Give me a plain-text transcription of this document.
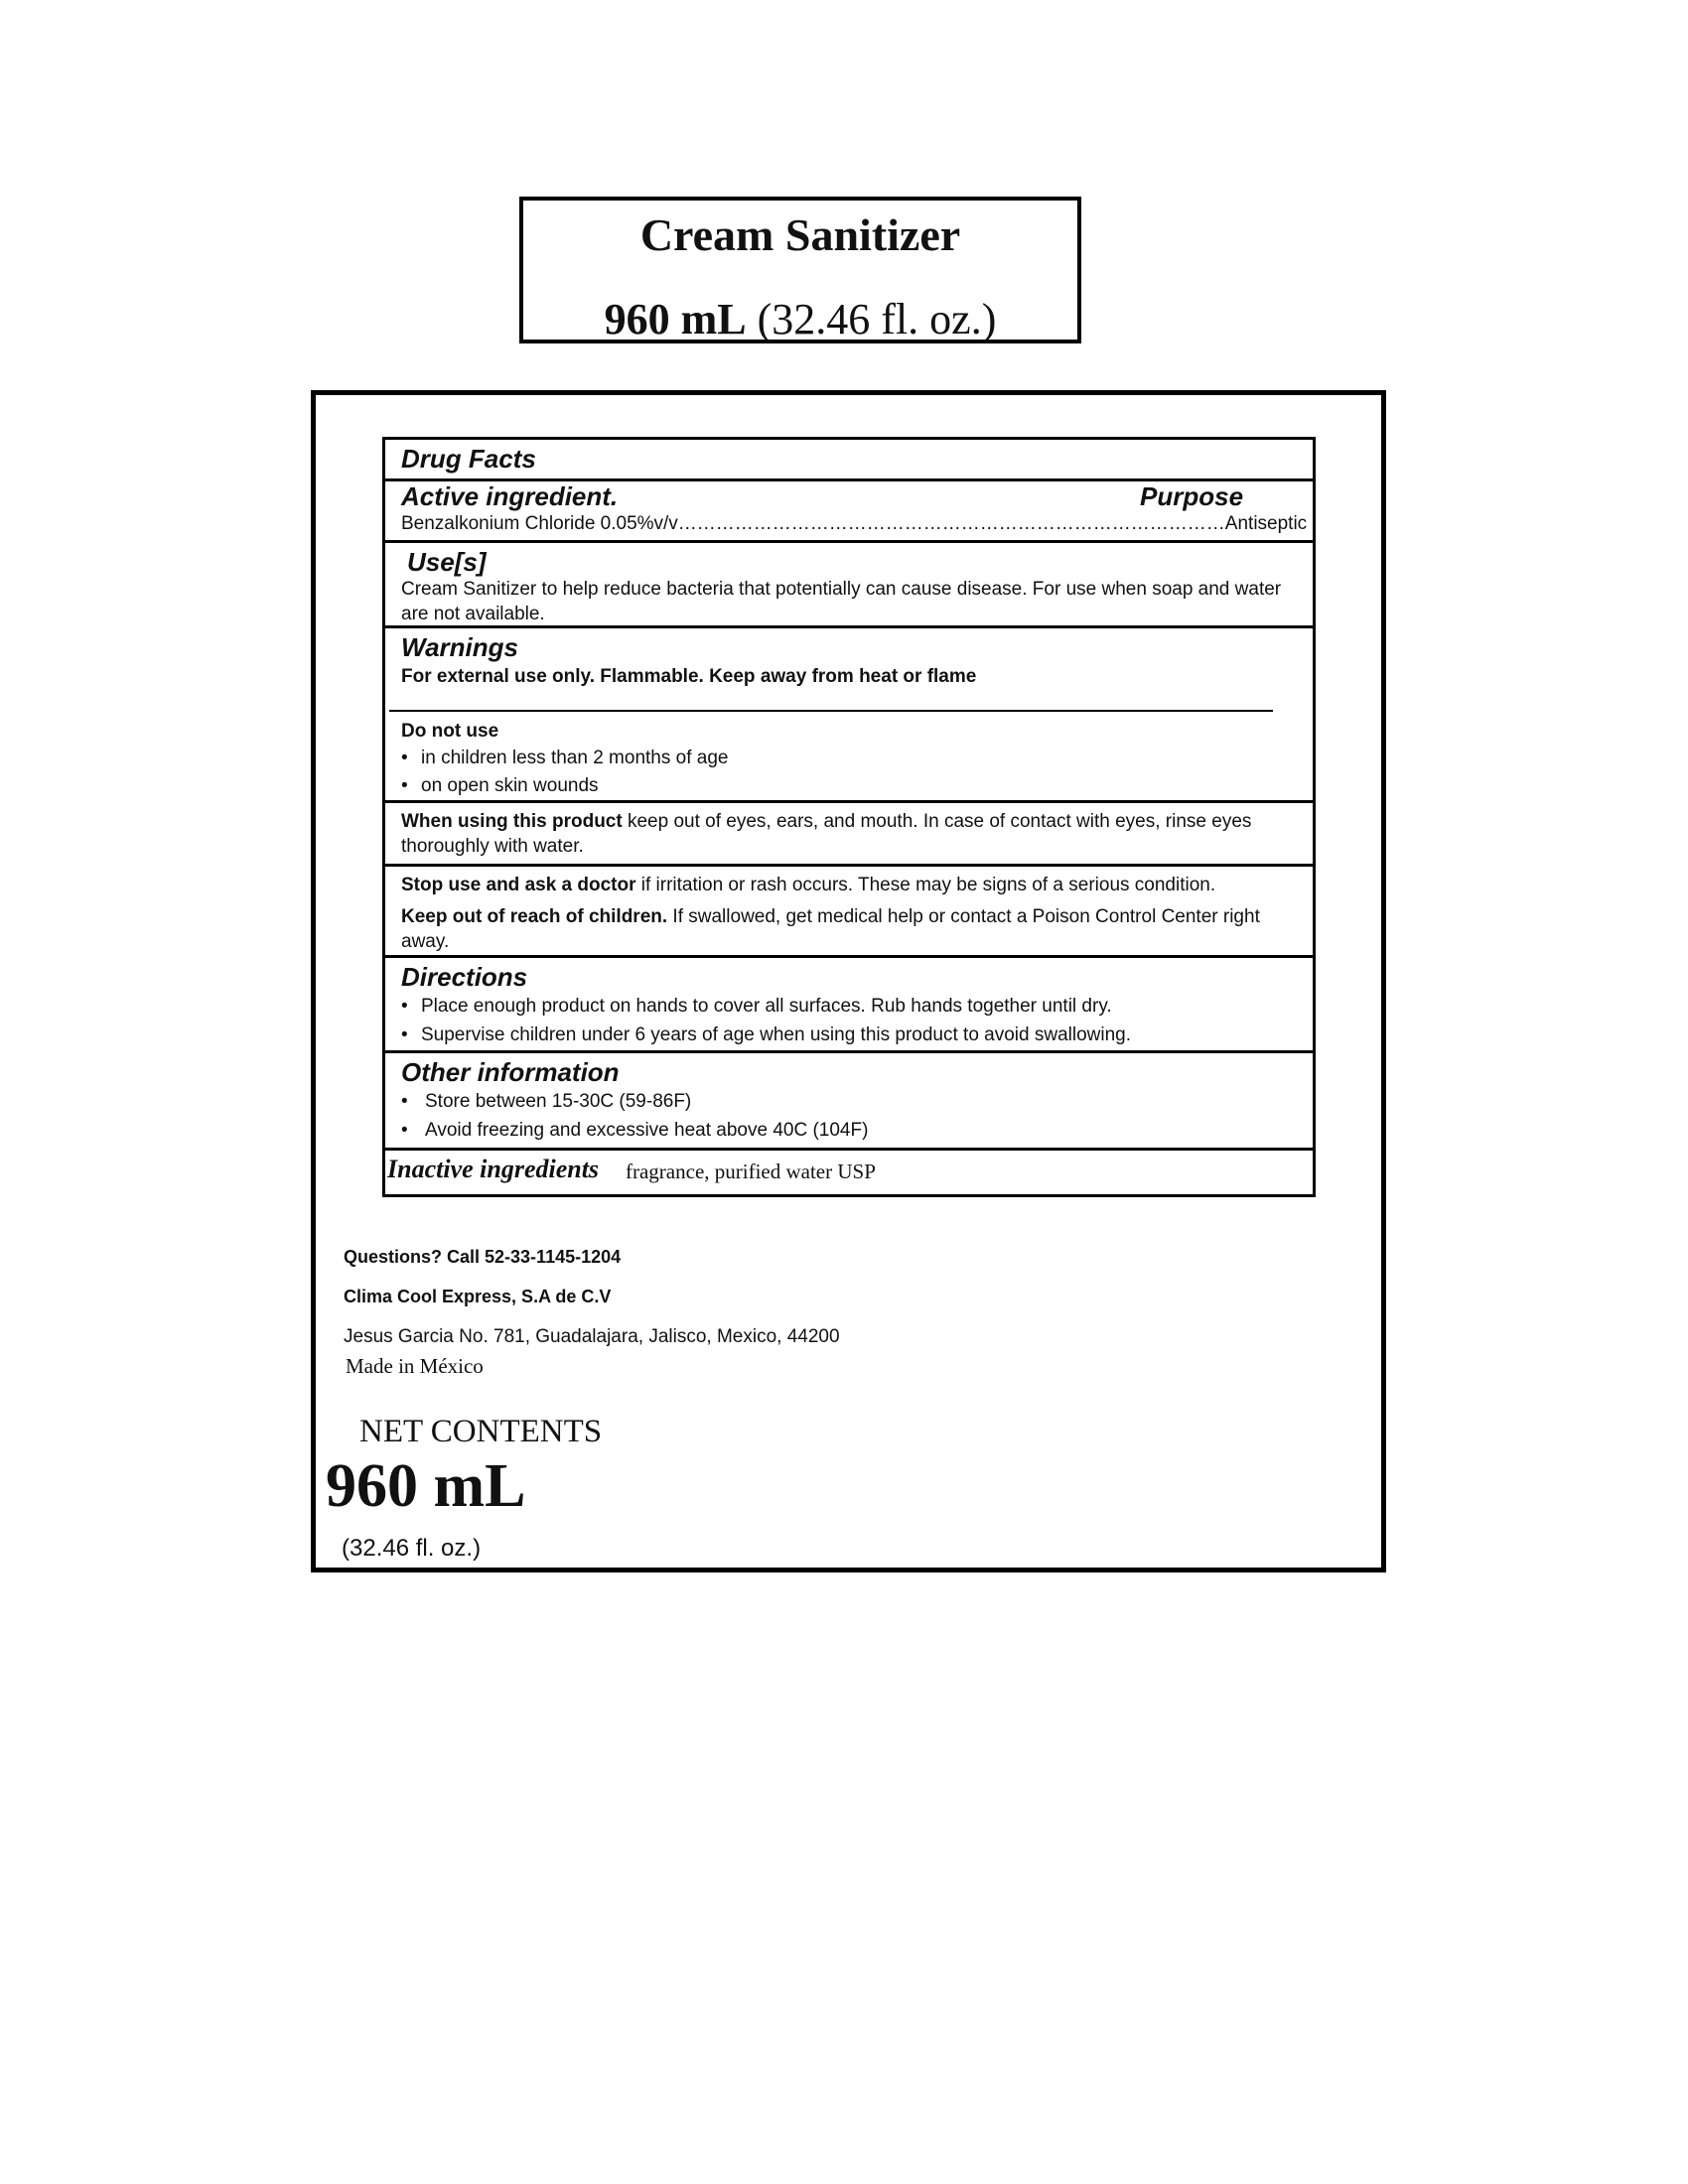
Cream Sanitizer
960 mL (32.46 fl. oz.)
Drug Facts
Active ingredient.	Purpose
Benzalkonium Chloride 0.05%v/v……………………………………………………………………………Antiseptic
Use[s]
Cream Sanitizer to help reduce bacteria that potentially can cause disease. For use when soap and water are not available.
Warnings
For external use only. Flammable. Keep away from heat or flame
Do not use
• in children less than 2 months of age
• on open skin wounds
When using this product keep out of eyes, ears, and mouth. In case of contact with eyes, rinse eyes thoroughly with water.
Stop use and ask a doctor if irritation or rash occurs. These may be signs of a serious condition.
Keep out of reach of children. If swallowed, get medical help or contact a Poison Control Center right away.
Directions
• Place enough product on hands to cover all surfaces. Rub hands together until dry.
• Supervise children under 6 years of age when using this product to avoid swallowing.
Other information
• Store between 15-30C (59-86F)
• Avoid freezing and excessive heat above 40C (104F)
Inactive ingredients fragrance, purified water USP
Questions? Call 52-33-1145-1204
Clima Cool Express, S.A de C.V
Jesus Garcia No. 781, Guadalajara, Jalisco, Mexico, 44200
Made in México
NET CONTENTS
960 mL
(32.46 fl. oz.)
